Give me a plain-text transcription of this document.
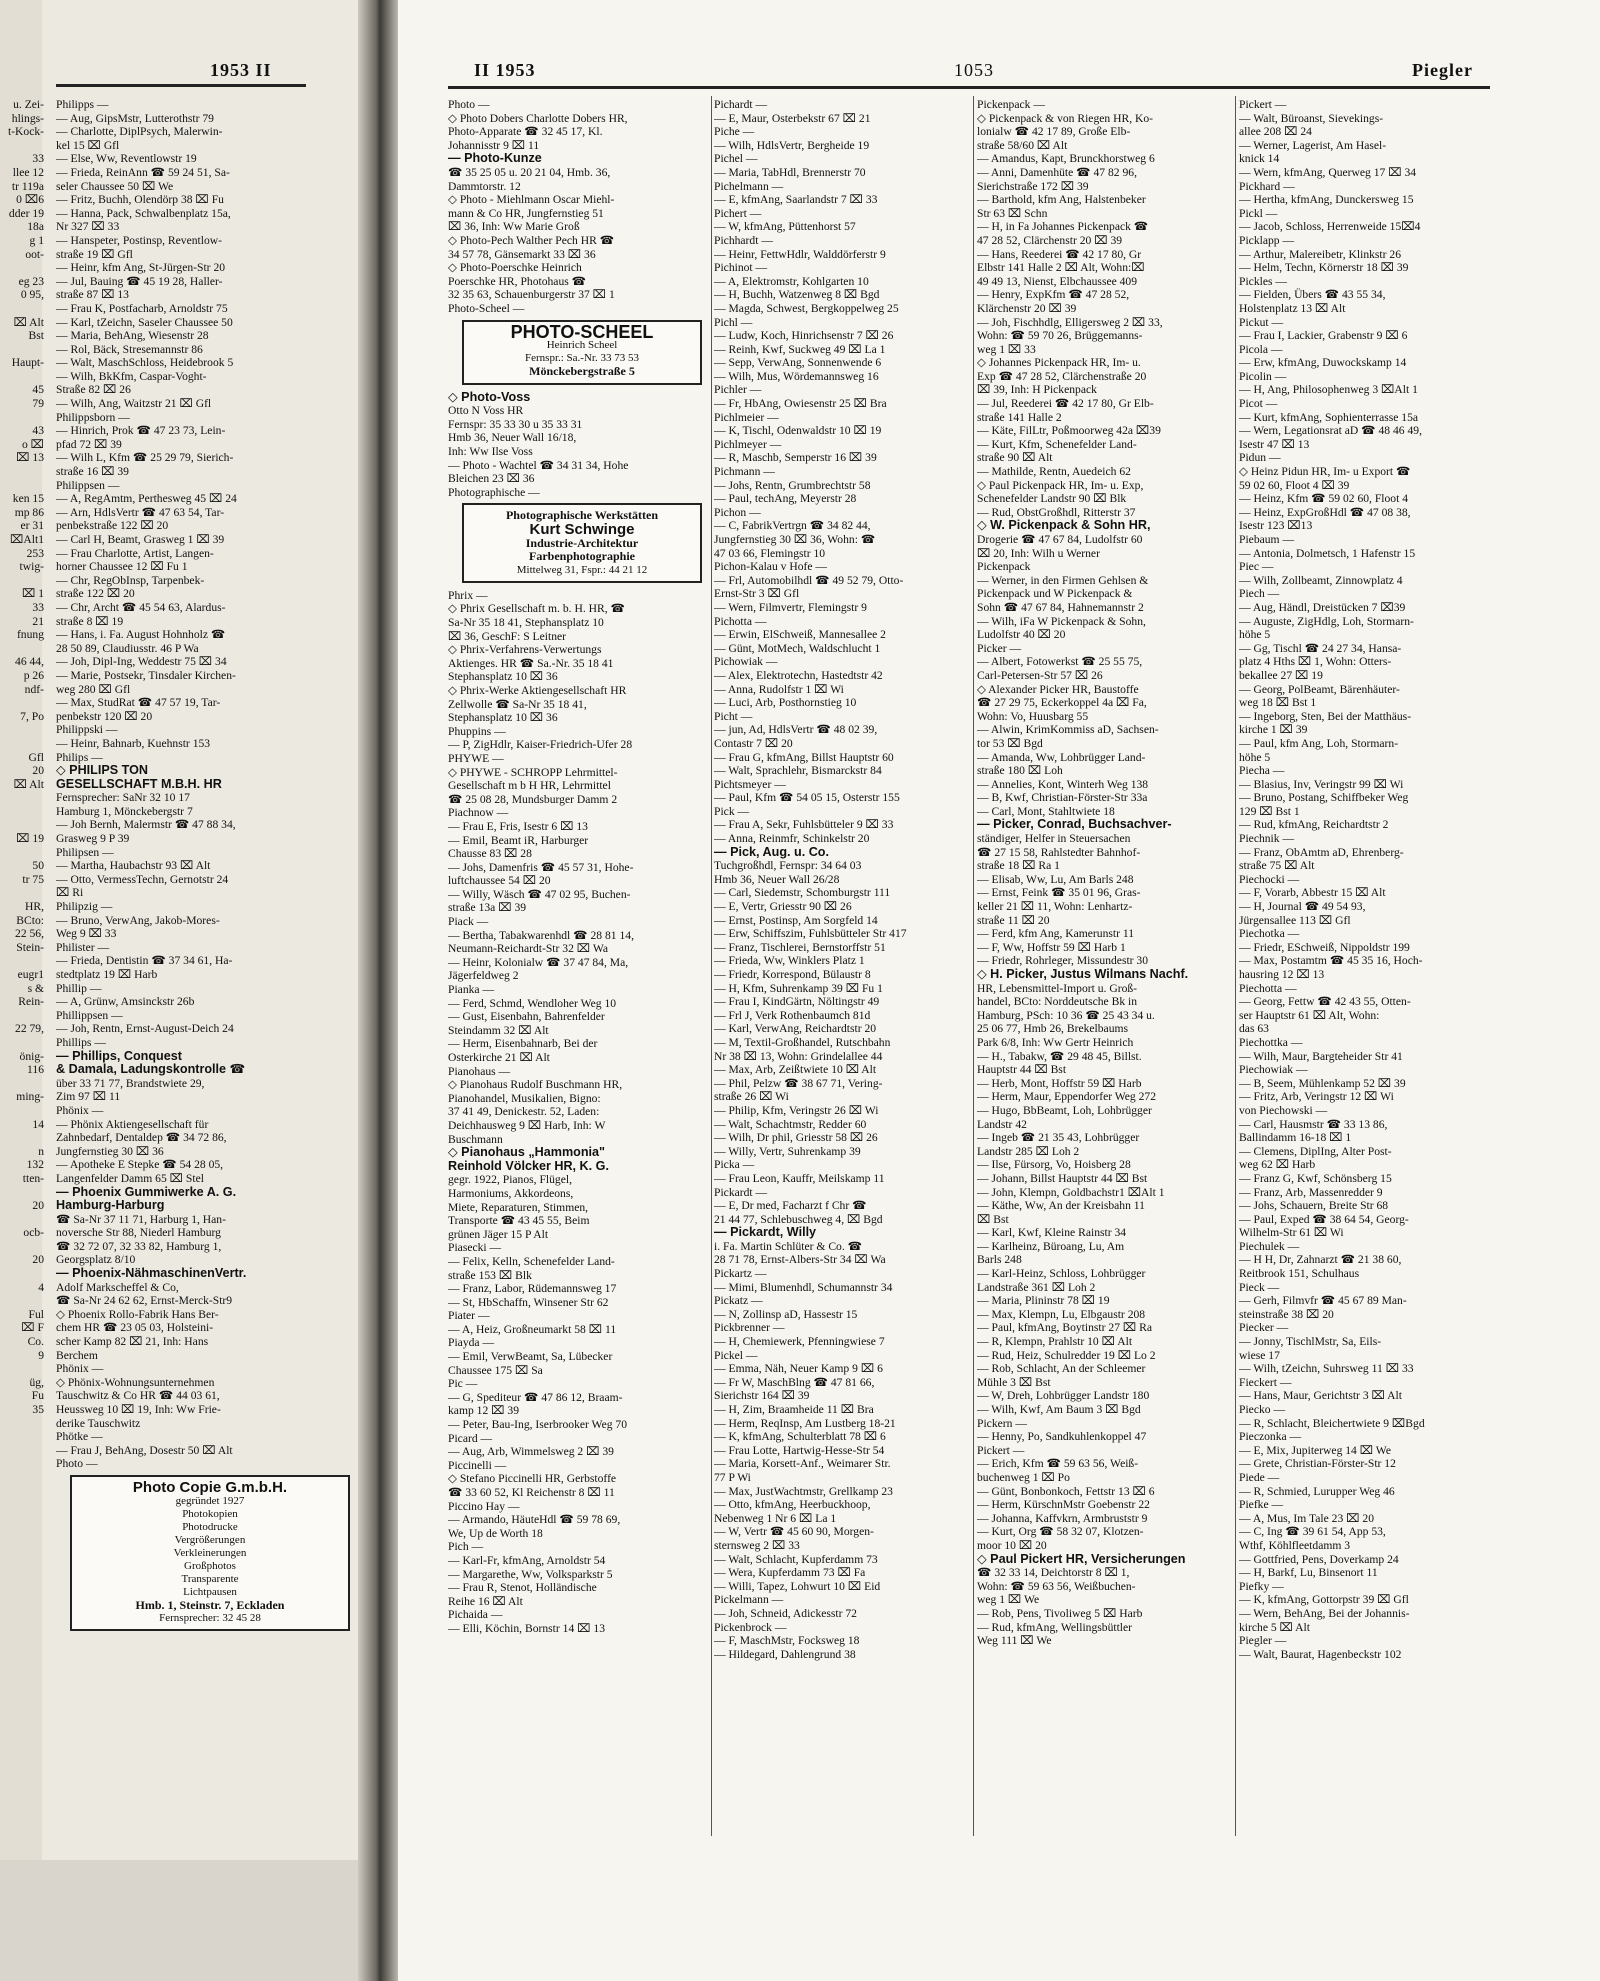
u. Zei-
hlings-
t-Kock-

33
llee 12
tr 119a
0 ⌧6
dder 19
18a
g 1
oot-

eg 23
0 95,

⌧ Alt
Bst

Haupt-

45
79

43
o ⌧
⌧ 13

ken 15
mp 86
er 31
⌧Alt1
253
twig-

⌧ 1
33
21
fnung

46 44,
p 26
ndf-

7, Po

Gfl
20
⌧ Alt

⌧ 19

50
tr 75

HR,
BCto:
22 56,
Stein-

eugr1
s &
Rein-

22 79,

önig-
116

ming-

14

n
132
tten-

20

ocb-

20

4

Ful
⌧ F
Co.
9

üg,
Fu
35
Philipps —
— Aug, GipsMstr, Lutterothstr 79
— Charlotte, DiplPsych, Malerwin-
kel 15 ⌧ Gfl
— Else, Ww, Reventlowstr 19
— Frieda, ReinAnn ☎ 59 24 51, Sa-
seler Chaussee 50 ⌧ We
— Fritz, Buchh, Olendörp 38 ⌧ Fu
— Hanna, Pack, Schwalbenplatz 15a,
Nr 327 ⌧ 33
— Hanspeter, Postinsp, Reventlow-
straße 19 ⌧ Gfl
— Heinr, kfm Ang, St-Jürgen-Str 20
— Jul, Bauing ☎ 45 19 28, Haller-
straße 87 ⌧ 13
— Frau K, Postfacharb, Arnoldstr 75
— Karl, tZeichn, Saseler Chaussee 50
— Maria, BehAng, Wiesenstr 28
— Rol, Bäck, Stresemannstr 86
— Walt, MaschSchloss, Heidebrook 5
— Wilh, BkKfm, Caspar-Voght-
Straße 82 ⌧ 26
— Wilh, Ang, Waitzstr 21 ⌧ Gfl
Philippsborn —
— Hinrich, Prok ☎ 47 23 73, Lein-
pfad 72 ⌧ 39
— Wilh L, Kfm ☎ 25 29 79, Sierich-
straße 16 ⌧ 39
Philippsen —
— A, RegAmtm, Perthesweg 45 ⌧ 24
— Arn, HdlsVertr ☎ 47 63 54, Tar-
penbekstraße 122 ⌧ 20
— Carl H, Beamt, Grasweg 1 ⌧ 39
— Frau Charlotte, Artist, Langen-
horner Chaussee 12 ⌧ Fu 1
— Chr, RegObInsp, Tarpenbek-
straße 122 ⌧ 20
— Chr, Archt ☎ 45 54 63, Alardus-
straße 8 ⌧ 19
— Hans, i. Fa. August Hohnholz ☎
28 50 89, Claudiusstr. 46 P Wa
— Joh, Dipl-Ing, Weddestr 75 ⌧ 34
— Marie, Postsekr, Tinsdaler Kirchen-
weg 280 ⌧ Gfl
— Max, StudRat ☎ 47 57 19, Tar-
penbekstr 120 ⌧ 20
Philippski —
— Heinr, Bahnarb, Kuehnstr 153
Philips —
◇ PHILIPS TON
GESELLSCHAFT M.B.H. HR
Fernsprecher: SaNr 32 10 17
Hamburg 1, Mönckebergstr 7
— Joh Bernh, Malermstr ☎ 47 88 34,
Grasweg 9 P 39
Philipsen —
— Martha, Haubachstr 93 ⌧ Alt
— Otto, VermessTechn, Gernotstr 24
⌧ Ri
Philipzig —
— Bruno, VerwAng, Jakob-Mores-
Weg 9 ⌧ 33
Philister —
— Frieda, Dentistin ☎ 37 34 61, Ha-
stedtplatz 19 ⌧ Harb
Phillip —
— A, Grünw, Amsinckstr 26b
Phillippsen —
— Joh, Rentn, Ernst-August-Deich 24
Phillips —
— Phillips, Conquest
& Damala, Ladungskontrolle ☎
über 33 71 77, Brandstwiete 29,
Zim 97 ⌧ 11
Phönix —
— Phönix Aktiengesellschaft für
Zahnbedarf, Dentaldep ☎ 34 72 86,
Jungfernstieg 30 ⌧ 36
— Apotheke E Stepke ☎ 54 28 05,
Langenfelder Damm 65 ⌧ Stel
— Phoenix Gummiwerke A. G.
Hamburg-Harburg
☎ Sa-Nr 37 11 71, Harburg 1, Han-
noversche Str 88, Niederl Hamburg
☎ 32 72 07, 32 33 82, Hamburg 1,
Georgsplatz 8/10
— Phoenix-NähmaschinenVertr.
Adolf Markscheffel & Co,
☎ Sa-Nr 24 62 62, Ernst-Merck-Str9
◇ Phoenix Rollo-Fabrik Hans Ber-
chem HR ☎ 23 05 03, Holsteini-
scher Kamp 82 ⌧ 21, Inh: Hans
Berchem
Phönix —
◇ Phönix-Wohnungsunternehmen
Tauschwitz & Co HR ☎ 44 03 61,
Heussweg 10 ⌧ 19, Inh: Ww Frie-
derike Tauschwitz
Phötke —
— Frau J, BehAng, Dosestr 50 ⌧ Alt
Photo —
Photo Copie G.m.b.H.
gegründet 1927
Photokopien
Photodrucke
Vergrößerungen
Verkleinerungen
Großphotos
Transparente
Lichtpausen
Hmb. 1, Steinstr. 7, Eckladen
Fernsprecher: 32 45 28
1953 II	II 1953	1053	Piegler
Photo —
◇ Photo Dobers Charlotte Dobers HR,
Photo-Apparate ☎ 32 45 17, Kl.
Johannisstr 9 ⌧ 11
— Photo-Kunze
☎ 35 25 05 u. 20 21 04, Hmb. 36,
Dammtorstr. 12
◇ Photo - Miehlmann Oscar Miehl-
mann & Co HR, Jungfernstieg 51
⌧ 36, Inh: Ww Marie Groß
◇ Photo-Pech Walther Pech HR ☎
34 57 78, Gänsemarkt 33 ⌧ 36
◇ Photo-Poerschke Heinrich
Poerschke HR, Photohaus ☎
32 35 63, Schauenburgerstr 37 ⌧ 1
Photo-Scheel —
PHOTO-SCHEEL
Heinrich Scheel
Fernspr.: Sa.-Nr. 33 73 53
Mönckebergstraße 5
◇ Photo-Voss
Otto N Voss HR
Fernspr: 35 33 30 u 35 33 31
Hmb 36, Neuer Wall 16/18,
Inh: Ww Ilse Voss
— Photo - Wachtel ☎ 34 31 34, Hohe
Bleichen 23 ⌧ 36
Photographische —
Photographische Werkstätten
Kurt Schwinge
Industrie-Architektur
Farbenphotographie
Mittelweg 31, Fspr.: 44 21 12
Phrix —
◇ Phrix Gesellschaft m. b. H. HR, ☎
Sa-Nr 35 18 41, Stephansplatz 10
⌧ 36, GeschF: S Leitner
◇ Phrix-Verfahrens-Verwertungs
Aktienges. HR ☎ Sa.-Nr. 35 18 41
Stephansplatz 10 ⌧ 36
◇ Phrix-Werke Aktiengesellschaft HR
Zellwolle ☎ Sa-Nr 35 18 41,
Stephansplatz 10 ⌧ 36
Phuppins —
— P, ZigHdlr, Kaiser-Friedrich-Ufer 28
PHYWE —
◇ PHYWE - SCHROPP Lehrmittel-
Gesellschaft m b H HR, Lehrmittel
☎ 25 08 28, Mundsburger Damm 2
Piachnow —
— Frau E, Fris, Isestr 6 ⌧ 13
— Emil, Beamt iR, Harburger
Chausse 83 ⌧ 28
— Johs, Damenfris ☎ 45 57 31, Hohe-
luftchaussee 54 ⌧ 20
— Willy, Wäsch ☎ 47 02 95, Buchen-
straße 13a ⌧ 39
Piack —
— Bertha, Tabakwarenhdl ☎ 28 81 14,
Neumann-Reichardt-Str 32 ⌧ Wa
— Heinr, Kolonialw ☎ 37 47 84, Ma,
Jägerfeldweg 2
Pianka —
— Ferd, Schmd, Wendloher Weg 10
— Gust, Eisenbahn, Bahrenfelder
Steindamm 32 ⌧ Alt
— Herm, Eisenbahnarb, Bei der
Osterkirche 21 ⌧ Alt
Pianohaus —
◇ Pianohaus Rudolf Buschmann HR,
Pianohandel, Musikalien, Bigno:
37 41 49, Denickestr. 52, Laden:
Deichhausweg 9 ⌧ Harb, Inh: W
Buschmann
◇ Pianohaus „Hammonia"
Reinhold Völcker HR, K. G.
gegr. 1922, Pianos, Flügel,
Harmoniums, Akkordeons,
Miete, Reparaturen, Stimmen,
Transporte ☎ 43 45 55, Beim
grünen Jäger 15 P Alt
Piasecki —
— Felix, Kelln, Schenefelder Land-
straße 153 ⌧ Blk
— Franz, Labor, Rüdemannsweg 17
— St, HbSchaffn, Winsener Str 62
Piater —
— A, Heiz, Großneumarkt 58 ⌧ 11
Piayda —
— Emil, VerwBeamt, Sa, Lübecker
Chaussee 175 ⌧ Sa
Pic —
— G, Spediteur ☎ 47 86 12, Braam-
kamp 12 ⌧ 39
— Peter, Bau-Ing, Iserbrooker Weg 70
Picard —
— Aug, Arb, Wimmelsweg 2 ⌧ 39
Piccinelli —
◇ Stefano Piccinelli HR, Gerbstoffe
☎ 33 60 52, Kl Reichenstr 8 ⌧ 11
Piccino Hay —
— Armando, HäuteHdl ☎ 59 78 69,
We, Up de Worth 18
Pich —
— Karl-Fr, kfmAng, Arnoldstr 54
— Margarethe, Ww, Volksparkstr 5
— Frau R, Stenot, Holländische
Reihe 16 ⌧ Alt
Pichaida —
— Elli, Köchin, Bornstr 14 ⌧ 13
Pichardt —
— E, Maur, Osterbekstr 67 ⌧ 21
Piche —
— Wilh, HdlsVertr, Bergheide 19
Pichel —
— Maria, TabHdl, Brennerstr 70
Pichelmann —
— E, kfmAng, Saarlandstr 7 ⌧ 33
Pichert —
— W, kfmAng, Püttenhorst 57
Pichhardt —
— Heinr, FettwHdlr, Walddörferstr 9
Pichinot —
— A, Elektromstr, Kohlgarten 10
— H, Buchh, Watzenweg 8 ⌧ Bgd
— Magda, Schwest, Bergkoppelweg 25
Pichl —
— Ludw, Koch, Hinrichsenstr 7 ⌧ 26
— Reinh, Kwf, Suckweg 49 ⌧ La 1
— Sepp, VerwAng, Sonnenwende 6
— Wilh, Mus, Wördemannsweg 16
Pichler —
— Fr, HbAng, Owiesenstr 25 ⌧ Bra
Pichlmeier —
— K, Tischl, Odenwaldstr 10 ⌧ 19
Pichlmeyer —
— R, Maschb, Semperstr 16 ⌧ 39
Pichmann —
— Johs, Rentn, Grumbrechtstr 58
— Paul, techAng, Meyerstr 28
Pichon —
— C, FabrikVertrgn ☎ 34 82 44,
Jungfernstieg 30 ⌧ 36, Wohn: ☎
47 03 66, Flemingstr 10
Pichon-Kalau v Hofe —
— Frl, Automobilhdl ☎ 49 52 79, Otto-
Ernst-Str 3 ⌧ Gfl
— Wern, Filmvertr, Flemingstr 9
Pichotta —
— Erwin, ElSchweiß, Mannesallee 2
— Günt, MotMech, Waldschlucht 1
Pichowiak —
— Alex, Elektrotechn, Hastedtstr 42
— Anna, Rudolfstr 1 ⌧ Wi
— Luci, Arb, Posthornstieg 10
Picht —
— jun, Ad, HdlsVertr ☎ 48 02 39,
Contastr 7 ⌧ 20
— Frau G, kfmAng, Billst Hauptstr 60
— Walt, Sprachlehr, Bismarckstr 84
Pichtsmeyer —
— Paul, Kfm ☎ 54 05 15, Osterstr 155
Pick —
— Frau A, Sekr, Fuhlsbütteler 9 ⌧ 33
— Anna, Reinmfr, Schinkelstr 20
— Pick, Aug. u. Co.
Tuchgroßhdl, Fernspr: 34 64 03
Hmb 36, Neuer Wall 26/28
— Carl, Siedemstr, Schomburgstr 111
— E, Vertr, Griesstr 90 ⌧ 26
— Ernst, Postinsp, Am Sorgfeld 14
— Erw, Schiffszim, Fuhlsbütteler Str 417
— Franz, Tischlerei, Bernstorffstr 51
— Frieda, Ww, Winklers Platz 1
— Friedr, Korrespond, Bülaustr 8
— H, Kfm, Suhrenkamp 39 ⌧ Fu 1
— Frau I, KindGärtn, Nöltingstr 49
— Frl J, Verk Rothenbaumch 81d
— Karl, VerwAng, Reichardtstr 20
— M, Textil-Großhandel, Rutschbahn
Nr 38 ⌧ 13, Wohn: Grindelallee 44
— Max, Arb, Zeißtwiete 10 ⌧ Alt
— Phil, Pelzw ☎ 38 67 71, Vering-
straße 26 ⌧ Wi
— Philip, Kfm, Veringstr 26 ⌧ Wi
— Walt, Schachtmstr, Redder 60
— Wilh, Dr phil, Griesstr 58 ⌧ 26
— Willy, Vertr, Suhrenkamp 39
Picka —
— Frau Leon, Kauffr, Meilskamp 11
Pickardt —
— E, Dr med, Facharzt f Chr ☎
21 44 77, Schlebuschweg 4, ⌧ Bgd
— Pickardt, Willy
i. Fa. Martin Schlüter & Co. ☎
28 71 78, Ernst-Albers-Str 34 ⌧ Wa
Pickartz —
— Mimi, Blumenhdl, Schumannstr 34
Pickatz —
— N, Zollinsp aD, Hassestr 15
Pickbrenner —
— H, Chemiewerk, Pfenningwiese 7
Pickel —
— Emma, Näh, Neuer Kamp 9 ⌧ 6
— Fr W, MaschBlng ☎ 47 81 66,
Sierichstr 164 ⌧ 39
— H, Zim, Braamheide 11 ⌧ Bra
— Herm, ReqInsp, Am Lustberg 18-21
— K, kfmAng, Schulterblatt 78 ⌧ 6
— Frau Lotte, Hartwig-Hesse-Str 54
— Maria, Korsett-Anf., Weimarer Str.
77 P Wi
— Max, JustWachtmstr, Grellkamp 23
— Otto, kfmAng, Heerbuckhoop,
Nebenweg 1 Nr 6 ⌧ La 1
— W, Vertr ☎ 45 60 90, Morgen-
sternsweg 2 ⌧ 33
— Walt, Schlacht, Kupferdamm 73
— Wera, Kupferdamm 73 ⌧ Fa
— Willi, Tapez, Lohwurt 10 ⌧ Eid
Pickelmann —
— Joh, Schneid, Adickesstr 72
Pickenbrock —
— F, MaschMstr, Focksweg 18
— Hildegard, Dahlengrund 38
Pickenpack —
◇ Pickenpack & von Riegen HR, Ko-
lonialw ☎ 42 17 89, Große Elb-
straße 58/60 ⌧ Alt
— Amandus, Kapt, Brunckhorstweg 6
— Anni, Damenhüte ☎ 47 82 96,
Sierichstraße 172 ⌧ 39
— Barthold, kfm Ang, Halstenbeker
Str 63 ⌧ Schn
— H, in Fa Johannes Pickenpack ☎
47 28 52, Clärchenstr 20 ⌧ 39
— Hans, Reederei ☎ 42 17 80, Gr
Elbstr 141 Halle 2 ⌧ Alt, Wohn:⌧
49 49 13, Nienst, Elbchaussee 409
— Henry, ExpKfm ☎ 47 28 52,
Klärchenstr 20 ⌧ 39
— Joh, Fischhdlg, Elligersweg 2 ⌧ 33,
Wohn: ☎ 59 70 26, Brüggemanns-
weg 1 ⌧ 33
◇ Johannes Pickenpack HR, Im- u.
Exp ☎ 47 28 52, Clärchenstraße 20
⌧ 39, Inh: H Pickenpack
— Jul, Reederei ☎ 42 17 80, Gr Elb-
straße 141 Halle 2
— Käte, FilLtr, Poßmoorweg 42a ⌧39
— Kurt, Kfm, Schenefelder Land-
straße 90 ⌧ Alt
— Mathilde, Rentn, Auedeich 62
◇ Paul Pickenpack HR, Im- u. Exp,
Schenefelder Landstr 90 ⌧ Blk
— Rud, ObstGroßhdl, Ritterstr 37
◇ W. Pickenpack & Sohn HR,
Drogerie ☎ 47 67 84, Ludolfstr 60
⌧ 20, Inh: Wilh u Werner
Pickenpack
— Werner, in den Firmen Gehlsen &
Pickenpack und W Pickenpack &
Sohn ☎ 47 67 84, Hahnemannstr 2
— Wilh, iFa W Pickenpack & Sohn,
Ludolfstr 40 ⌧ 20
Picker —
— Albert, Fotowerkst ☎ 25 55 75,
Carl-Petersen-Str 57 ⌧ 26
◇ Alexander Picker HR, Baustoffe
☎ 27 29 75, Eckerkoppel 4a ⌧ Fa,
Wohn: Vo, Huusbarg 55
— Alwin, KrimKommiss aD, Sachsen-
tor 53 ⌧ Bgd
— Amanda, Ww, Lohbrügger Land-
straße 180 ⌧ Loh
— Annelies, Kont, Winterh Weg 138
— B, Kwf, Christian-Förster-Str 33a
— Carl, Mont, Stahltwiete 18
— Picker, Conrad, Buchsachver-
ständiger, Helfer in Steuersachen
☎ 27 15 58, Rahlstedter Bahnhof-
straße 18 ⌧ Ra 1
— Elisab, Ww, Lu, Am Barls 248
— Ernst, Feink ☎ 35 01 96, Gras-
keller 21 ⌧ 11, Wohn: Lenhartz-
straße 11 ⌧ 20
— Ferd, kfm Ang, Kamerunstr 11
— F, Ww, Hoffstr 59 ⌧ Harb 1
— Friedr, Rohrleger, Missundestr 30
◇ H. Picker, Justus Wilmans Nachf.
HR, Lebensmittel-Import u. Groß-
handel, BCto: Norddeutsche Bk in
Hamburg, PSch: 10 36 ☎ 25 43 34 u.
25 06 77, Hmb 26, Brekelbaums
Park 6/8, Inh: Ww Gertr Heinrich
— H., Tabakw, ☎ 29 48 45, Billst.
Hauptstr 44 ⌧ Bst
— Herb, Mont, Hoffstr 59 ⌧ Harb
— Herm, Maur, Eppendorfer Weg 272
— Hugo, BbBeamt, Loh, Lohbrügger
Landstr 42
— Ingeb ☎ 21 35 43, Lohbrügger
Landstr 285 ⌧ Loh 2
— Ilse, Fürsorg, Vo, Hoisberg 28
— Johann, Billst Hauptstr 44 ⌧ Bst
— John, Klempn, Goldbachstr1 ⌧Alt 1
— Käthe, Ww, An der Kreisbahn 11
⌧ Bst
— Karl, Kwf, Kleine Rainstr 34
— Karlheinz, Büroang, Lu, Am
Barls 248
— Karl-Heinz, Schloss, Lohbrügger
Landstraße 361 ⌧ Loh 2
— Maria, Plininstr 78 ⌧ 19
— Max, Klempn, Lu, Elbgaustr 208
— Paul, kfmAng, Boytinstr 27 ⌧ Ra
— R, Klempn, Prahlstr 10 ⌧ Alt
— Rud, Heiz, Schulredder 19 ⌧ Lo 2
— Rob, Schlacht, An der Schleemer
Mühle 3 ⌧ Bst
— W, Dreh, Lohbrügger Landstr 180
— Wilh, Kwf, Am Baum 3 ⌧ Bgd
Pickern —
— Henny, Po, Sandkuhlenkoppel 47
Pickert —
— Erich, Kfm ☎ 59 63 56, Weiß-
buchenweg 1 ⌧ Po
— Günt, Bonbonkoch, Fettstr 13 ⌧ 6
— Herm, KürschnMstr Goebenstr 22
— Johanna, Kaffvkrn, Armbruststr 9
— Kurt, Org ☎ 58 32 07, Klotzen-
moor 10 ⌧ 20
◇ Paul Pickert HR, Versicherungen
☎ 32 33 14, Deichtorstr 8 ⌧ 1,
Wohn: ☎ 59 63 56, Weißbuchen-
weg 1 ⌧ We
— Rob, Pens, Tivoliweg 5 ⌧ Harb
— Rud, kfmAng, Wellingsbüttler
Weg 111 ⌧ We
Pickert —
— Walt, Büroanst, Sievekings-
allee 208 ⌧ 24
— Werner, Lagerist, Am Hasel-
knick 14
— Wern, kfmAng, Querweg 17 ⌧ 34
Pickhard —
— Hertha, kfmAng, Dunckersweg 15
Pickl —
— Jacob, Schloss, Herrenweide 15⌧4
Picklapp —
— Arthur, Malereibetr, Klinkstr 26
— Helm, Techn, Körnerstr 18 ⌧ 39
Pickles —
— Fielden, Übers ☎ 43 55 34,
Holstenplatz 13 ⌧ Alt
Pickut —
— Frau I, Lackier, Grabenstr 9 ⌧ 6
Picola —
— Erw, kfmAng, Duwockskamp 14
Picolin —
— H, Ang, Philosophenweg 3 ⌧Alt 1
Picot —
— Kurt, kfmAng, Sophienterrasse 15a
— Wern, Legationsrat aD ☎ 48 46 49,
Isestr 47 ⌧ 13
Pidun —
◇ Heinz Pidun HR, Im- u Export ☎
59 02 60, Floot 4 ⌧ 39
— Heinz, Kfm ☎ 59 02 60, Floot 4
— Heinz, ExpGroßHdl ☎ 47 08 38,
Isestr 123 ⌧13
Piebaum —
— Antonia, Dolmetsch, 1 Hafenstr 15
Piec —
— Wilh, Zollbeamt, Zinnowplatz 4
Piech —
— Aug, Händl, Dreistücken 7 ⌧39
— Auguste, ZigHdlg, Loh, Stormarn-
höhe 5
— Gg, Tischl ☎ 24 27 34, Hansa-
platz 4 Hths ⌧ 1, Wohn: Otters-
bekallee 27 ⌧ 19
— Georg, PolBeamt, Bärenhäuter-
weg 18 ⌧ Bst 1
— Ingeborg, Sten, Bei der Matthäus-
kirche 1 ⌧ 39
— Paul, kfm Ang, Loh, Stormarn-
höhe 5
Piecha —
— Blasius, Inv, Veringstr 99 ⌧ Wi
— Bruno, Postang, Schiffbeker Weg
129 ⌧ Bst 1
— Rud, kfmAng, Reichardtstr 2
Piechnik —
— Franz, ObAmtm aD, Ehrenberg-
straße 75 ⌧ Alt
Piechocki —
— F, Vorarb, Abbestr 15 ⌧ Alt
— H, Journal ☎ 49 54 93,
Jürgensallee 113 ⌧ Gfl
Piechotka —
— Friedr, ESchweiß, Nippoldstr 199
— Max, Postamtm ☎ 45 35 16, Hoch-
hausring 12 ⌧ 13
Piechotta —
— Georg, Fettw ☎ 42 43 55, Otten-
ser Hauptstr 61 ⌧ Alt, Wohn:
das 63
Piechottka —
— Wilh, Maur, Bargteheider Str 41
Piechowiak —
— B, Seem, Mühlenkamp 52 ⌧ 39
— Fritz, Arb, Veringstr 12 ⌧ Wi
von Piechowski —
— Carl, Hausmstr ☎ 33 13 86,
Ballindamm 16-18 ⌧ 1
— Clemens, DiplIng, Alter Post-
weg 62 ⌧ Harb
— Franz G, Kwf, Schönsberg 15
— Franz, Arb, Massenredder 9
— Johs, Schauern, Breite Str 68
— Paul, Exped ☎ 38 64 54, Georg-
Wilhelm-Str 61 ⌧ Wi
Piechulek —
— H H, Dr, Zahnarzt ☎ 21 38 60,
Reitbrook 151, Schulhaus
Pieck —
— Gerh, Filmvfr ☎ 45 67 89 Man-
steinstraße 38 ⌧ 20
Piecker —
— Jonny, TischlMstr, Sa, Eils-
wiese 17
— Wilh, tZeichn, Suhrsweg 11 ⌧ 33
Fieckert —
— Hans, Maur, Gerichtstr 3 ⌧ Alt
Piecko —
— R, Schlacht, Bleichertwiete 9 ⌧Bgd
Pieczonka —
— E, Mix, Jupiterweg 14 ⌧ We
— Grete, Christian-Förster-Str 12
Piede —
— R, Schmied, Lurupper Weg 46
Piefke —
— A, Mus, Im Tale 23 ⌧ 20
— C, Ing ☎ 39 61 54, App 53,
Wthf, Köhlfleetdamm 3
— Gottfried, Pens, Doverkamp 24
— H, Barkf, Lu, Binsenort 11
Piefky —
— K, kfmAng, Gottorpstr 39 ⌧ Gfl
— Wern, BehAng, Bei der Johannis-
kirche 5 ⌧ Alt
Piegler —
— Walt, Baurat, Hagenbeckstr 102
